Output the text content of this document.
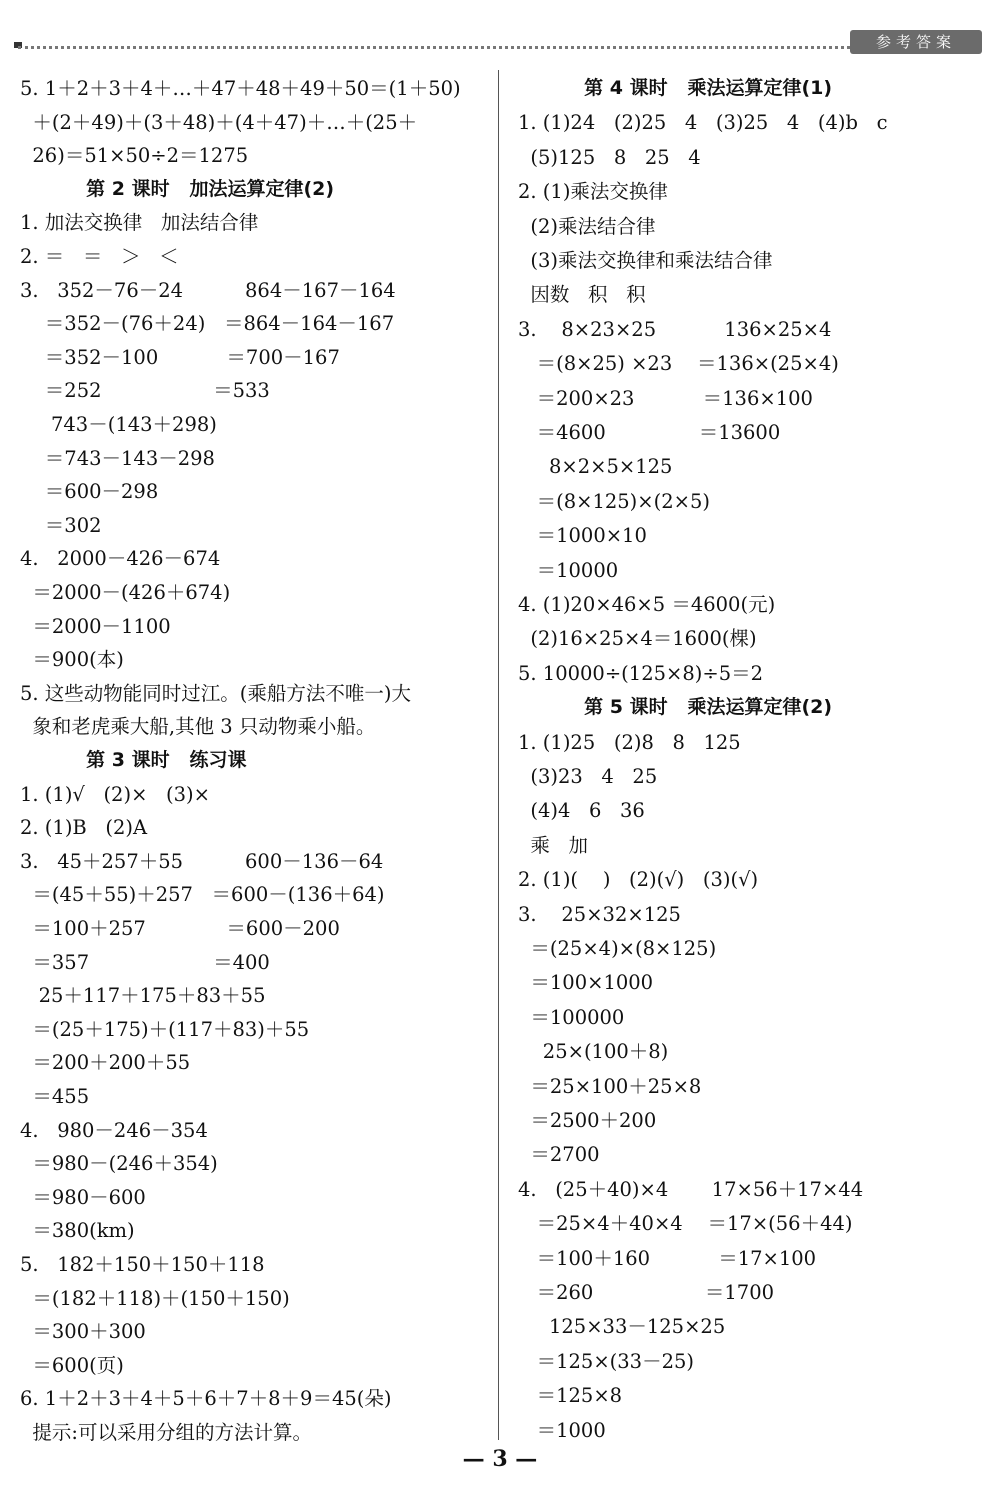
参考答案
5. 1＋2＋3＋4＋…＋47＋48＋49＋50＝(1＋50)
＋(2＋49)＋(3＋48)＋(4＋47)＋…＋(25＋
26)＝51×50÷2＝1275
第 2 课时   加法运算定律(2)
1. 加法交换律   加法结合律
2. ＝   ＝   ＞   ＜
3.   352－76－24          864－167－164
＝352－(76＋24)   ＝864－164－167
＝352－100           ＝700－167
＝252                  ＝533
743－(143＋298)
＝743－143－298
＝600－298
＝302
4.   2000－426－674
＝2000－(426＋674)
＝2000－1100
＝900(本)
5. 这些动物能同时过江。(乘船方法不唯一)大
象和老虎乘大船,其他 3 只动物乘小船。
第 3 课时   练习课
1. (1)√   (2)×   (3)×
2. (1)B   (2)A
3.   45＋257＋55          600－136－64
＝(45＋55)＋257   ＝600－(136＋64)
＝100＋257             ＝600－200
＝357                    ＝400
25＋117＋175＋83＋55
＝(25＋175)＋(117＋83)＋55
＝200＋200＋55
＝455
4.   980－246－354
＝980－(246＋354)
＝980－600
＝380(km)
5.   182＋150＋150＋118
＝(182＋118)＋(150＋150)
＝300＋300
＝600(页)
6. 1＋2＋3＋4＋5＋6＋7＋8＋9＝45(朵)
提示:可以采用分组的方法计算。
第 4 课时   乘法运算定律(1)
1. (1)24   (2)25   4   (3)25   4   (4)b   c
(5)125   8   25   4
2. (1)乘法交换律
(2)乘法结合律
(3)乘法交换律和乘法结合律
因数   积   积
3.    8×23×25           136×25×4
＝(8×25) ×23    ＝136×(25×4)
＝200×23           ＝136×100
＝4600               ＝13600
8×2×5×125
＝(8×125)×(2×5)
＝1000×10
＝10000
4. (1)20×46×5 ＝4600(元)
(2)16×25×4＝1600(棵)
5. 10000÷(125×8)÷5＝2
第 5 课时   乘法运算定律(2)
1. (1)25   (2)8   8   125
(3)23   4   25
(4)4   6   36
乘   加
2. (1)(    )   (2)(√)   (3)(√)
3.    25×32×125
＝(25×4)×(8×125)
＝100×1000
＝100000
25×(100＋8)
＝25×100＋25×8
＝2500＋200
＝2700
4.   (25＋40)×4       17×56＋17×44
＝25×4＋40×4    ＝17×(56＋44)
＝100＋160           ＝17×100
＝260                  ＝1700
125×33－125×25
＝125×(33－25)
＝125×8
＝1000
— 3 —
